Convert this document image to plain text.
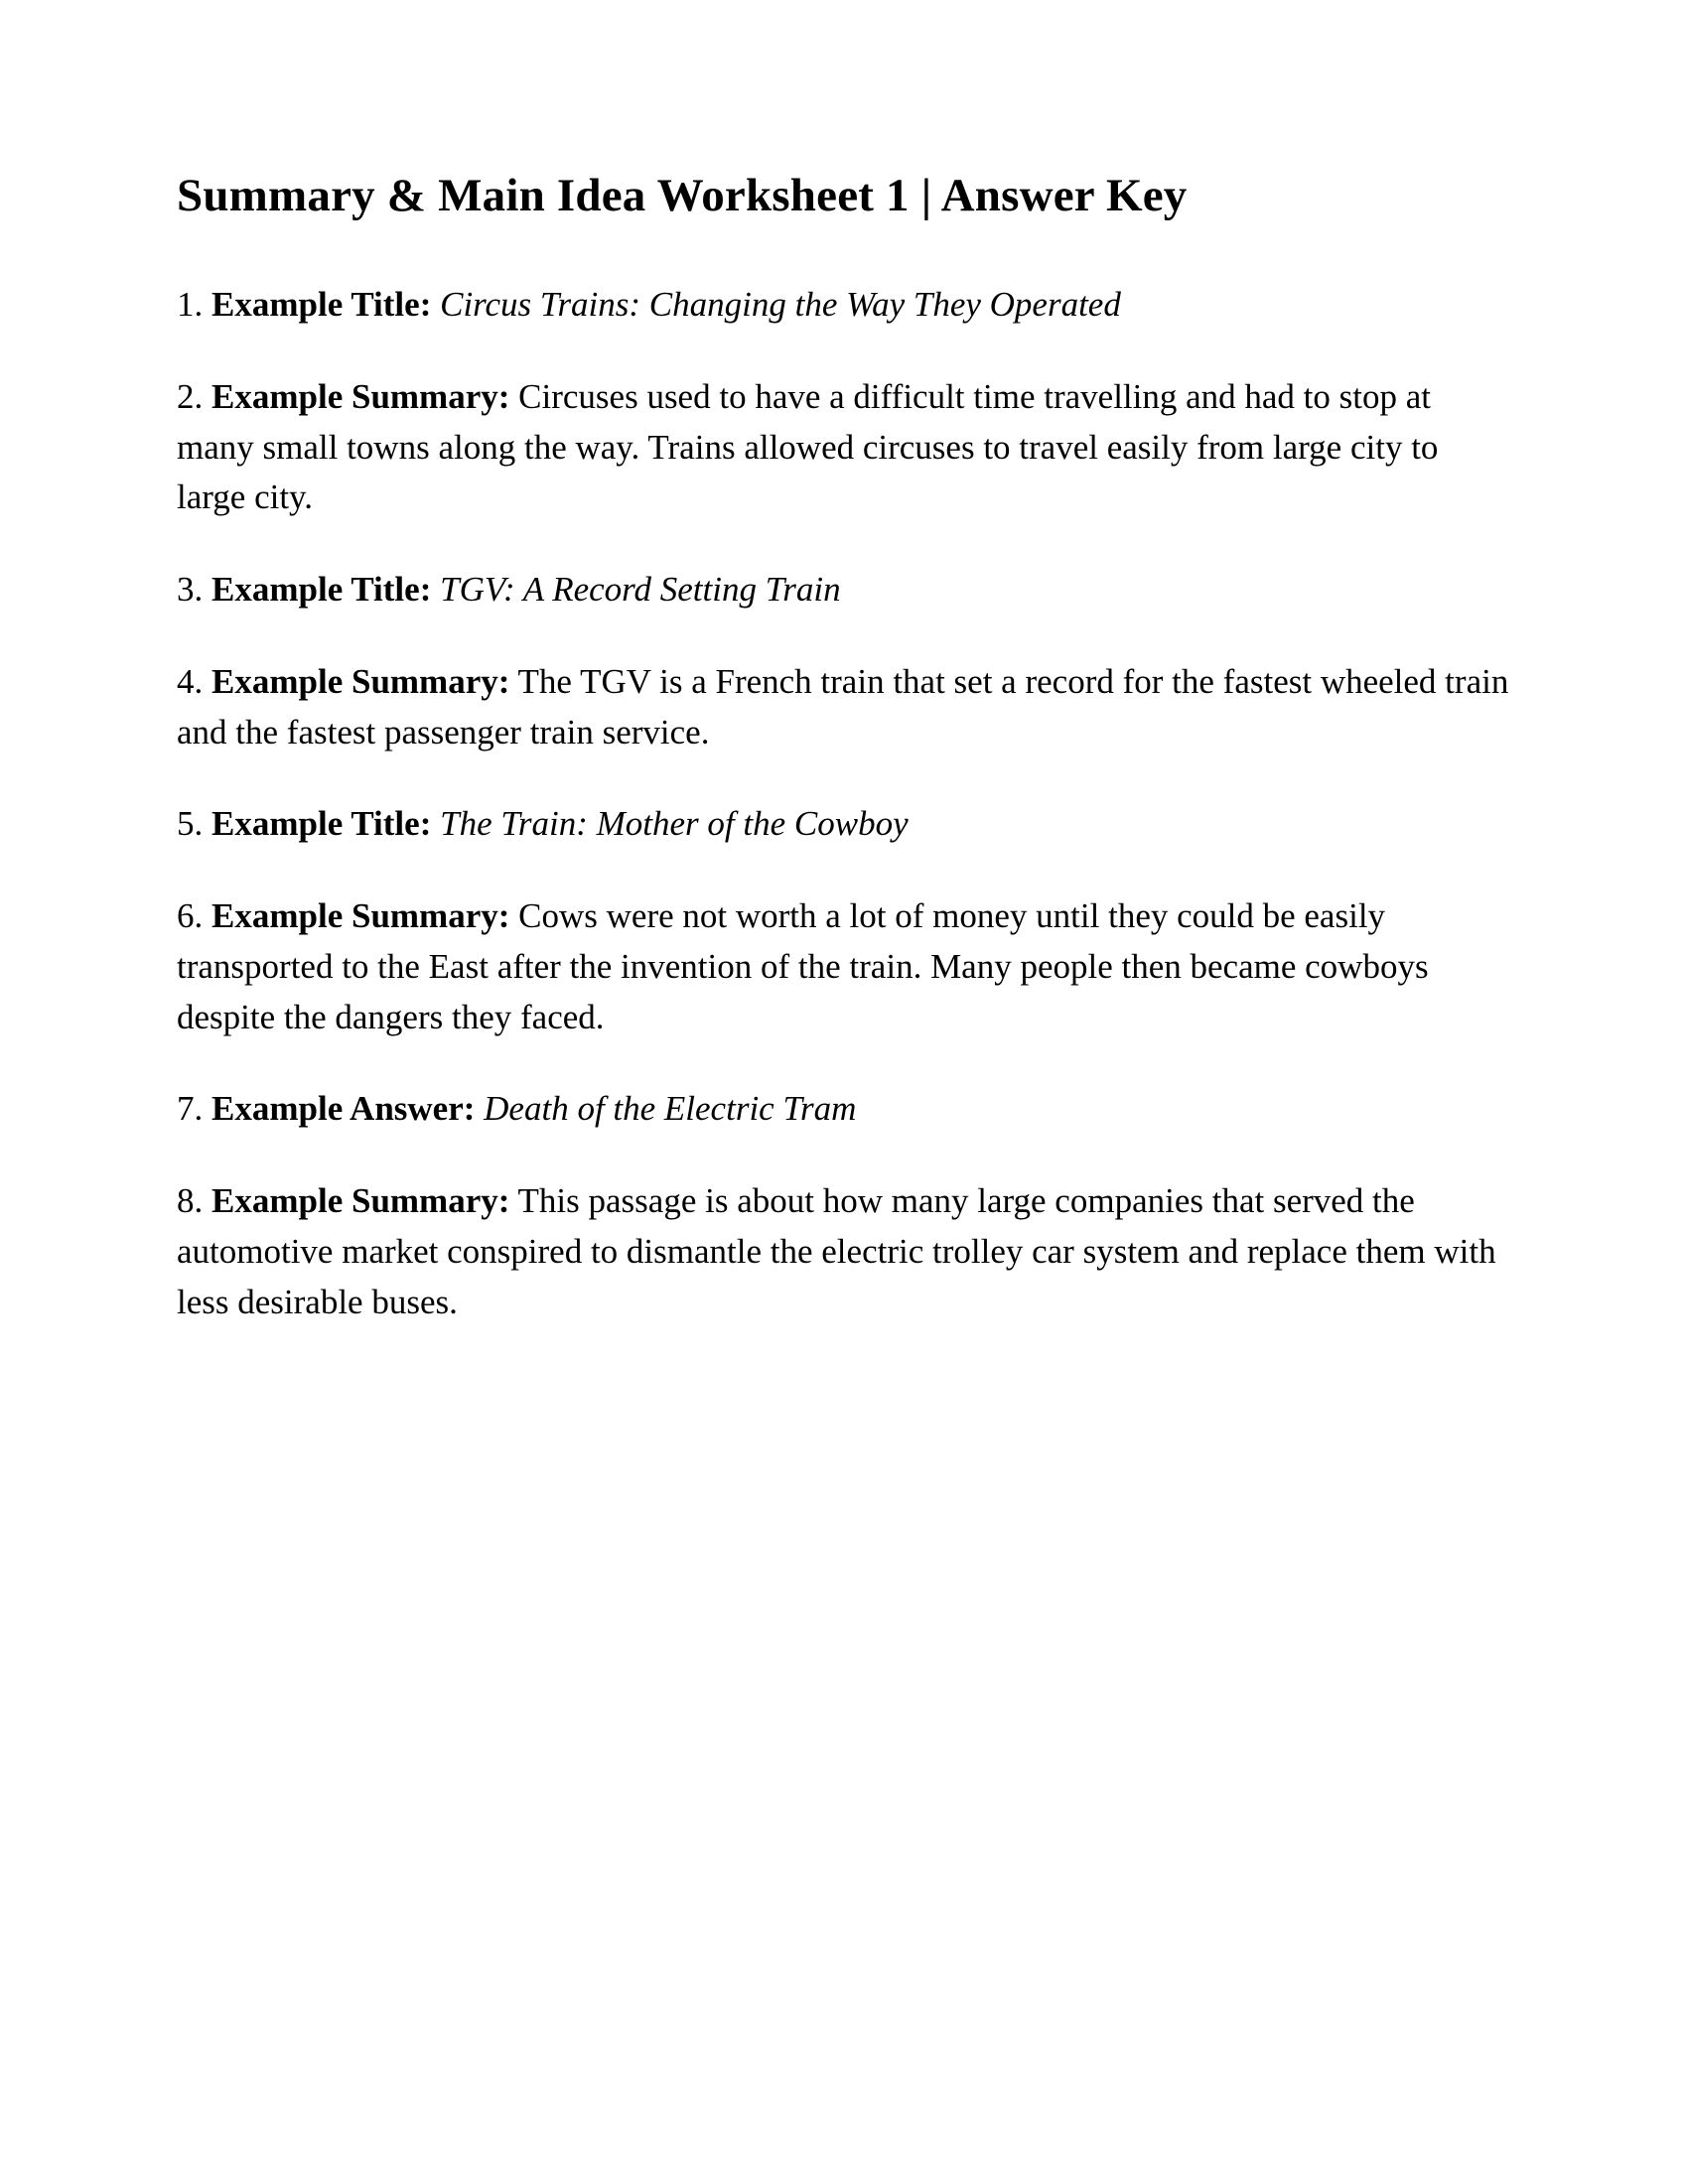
Summary & Main Idea Worksheet 1 | Answer Key

1. Example Title: Circus Trains: Changing the Way They Operated

2. Example Summary: Circuses used to have a difficult time travelling and had to stop at many small towns along the way. Trains allowed circuses to travel easily from large city to large city.

3. Example Title: TGV: A Record Setting Train

4. Example Summary: The TGV is a French train that set a record for the fastest wheeled train and the fastest passenger train service.

5. Example Title: The Train: Mother of the Cowboy

6. Example Summary: Cows were not worth a lot of money until they could be easily transported to the East after the invention of the train. Many people then became cowboys despite the dangers they faced.

7. Example Answer: Death of the Electric Tram

8. Example Summary: This passage is about how many large companies that served the automotive market conspired to dismantle the electric trolley car system and replace them with less desirable buses.
